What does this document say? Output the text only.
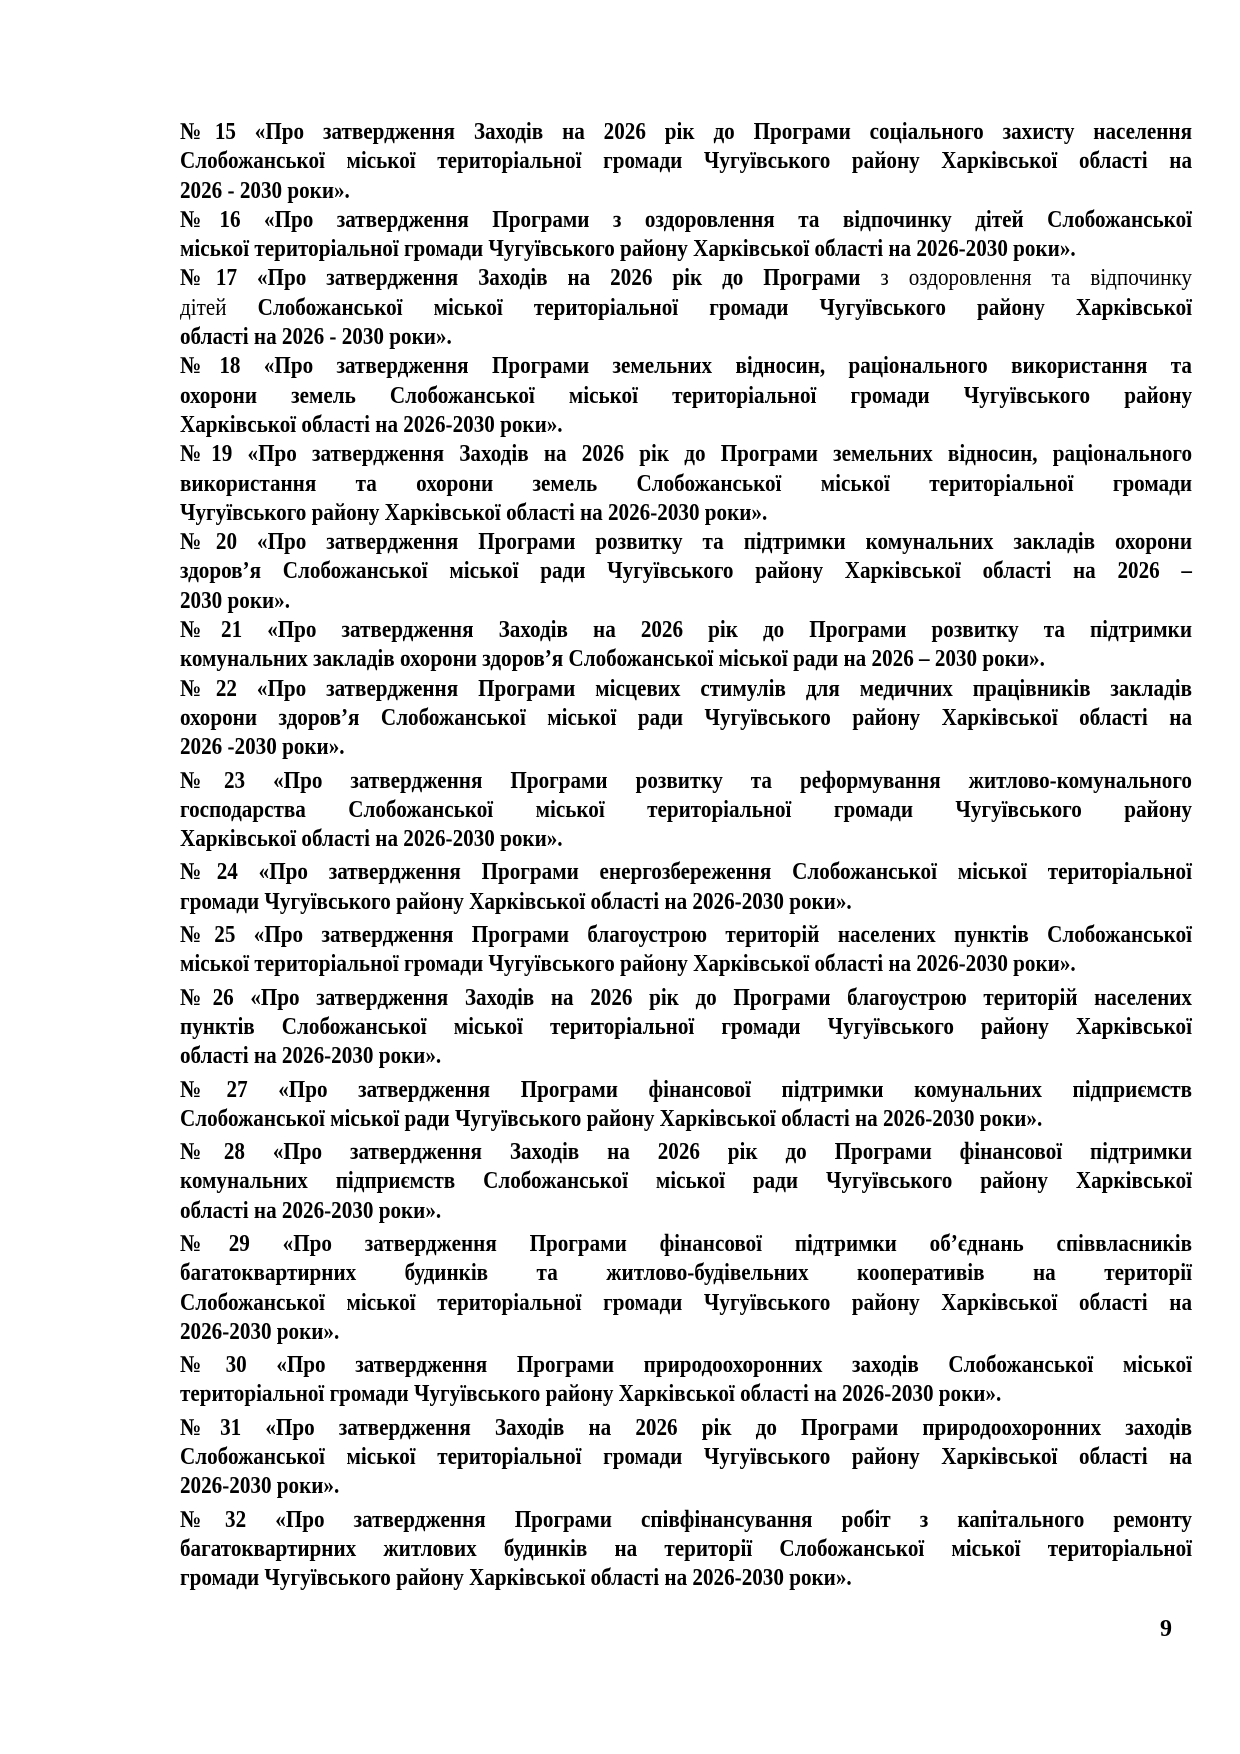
№15 «Про затвердження Заходів на 2026 рік до Програми соціального захисту населення
Слобожанської міської територіальної громади Чугуївського району Харківської області на
2026 - 2030 роки».
№16 «Про затвердження Програми з оздоровлення та відпочинку дітей Слобожанської
міської територіальної громади Чугуївського району Харківської області на 2026-2030 роки».
№17 «Про затвердження Заходів на 2026 рік до Програми з оздоровлення та відпочинку
дітей Слобожанської міської територіальної громади Чугуївського району Харківської
області на 2026 - 2030 роки».
№18 «Про затвердження Програми земельних відносин, раціонального використання та
охорони земель Слобожанської міської територіальної громади Чугуївського району
Харківської області на 2026-2030 роки».
№19 «Про затвердження Заходів на 2026 рік до Програми земельних відносин, раціонального
використання та охорони земель Слобожанської міської територіальної громади
Чугуївського району Харківської області на 2026-2030 роки».
№20 «Про затвердження Програми розвитку та підтримки комунальних закладів охорони
здоров’я Слобожанської міської ради Чугуївського району Харківської області на 2026 –
2030 роки».
№21 «Про затвердження Заходів на 2026 рік до Програми розвитку та підтримки
комунальних закладів охорони здоров’я Слобожанської міської ради на 2026 – 2030 роки».
№22 «Про затвердження Програми місцевих стимулів для медичних працівників закладів
охорони здоров’я Слобожанської міської ради Чугуївського району Харківської області на
2026 -2030 роки».
№23 «Про затвердження Програми розвитку та реформування житлово-комунального
господарства Слобожанської міської територіальної громади Чугуївського району
Харківської області на 2026-2030 роки».
№24 «Про затвердження Програми енергозбереження Слобожанської міської територіальної
громади Чугуївського району Харківської області на 2026-2030 роки».
№25 «Про затвердження Програми благоустрою територій населених пунктів Слобожанської
міської територіальної громади Чугуївського району Харківської області на 2026-2030 роки».
№26 «Про затвердження Заходів на 2026 рік до Програми благоустрою територій населених
пунктів Слобожанської міської територіальної громади Чугуївського району Харківської
області на 2026-2030 роки».
№27 «Про затвердження Програми фінансової підтримки комунальних підприємств
Слобожанської міської ради Чугуївського району Харківської області на 2026-2030 роки».
№28 «Про затвердження Заходів на 2026 рік до Програми фінансової підтримки
комунальних підприємств Слобожанської міської ради Чугуївського району Харківської
області на 2026-2030 роки».
№29 «Про затвердження Програми фінансової підтримки об’єднань співвласників
багатоквартирних будинків та житлово-будівельних кооперативів на території
Слобожанської міської територіальної громади Чугуївського району Харківської області на
2026-2030 роки».
№30 «Про затвердження Програми природоохоронних заходів Слобожанської міської
територіальної громади Чугуївського району Харківської області на 2026-2030 роки».
№31 «Про затвердження Заходів на 2026 рік до Програми природоохоронних заходів
Слобожанської міської територіальної громади Чугуївського району Харківської області на
2026-2030 роки».
№32 «Про затвердження Програми співфінансування робіт з капітального ремонту
багатоквартирних житлових будинків на території Слобожанської міської територіальної
громади Чугуївського району Харківської області на 2026-2030 роки».
9
